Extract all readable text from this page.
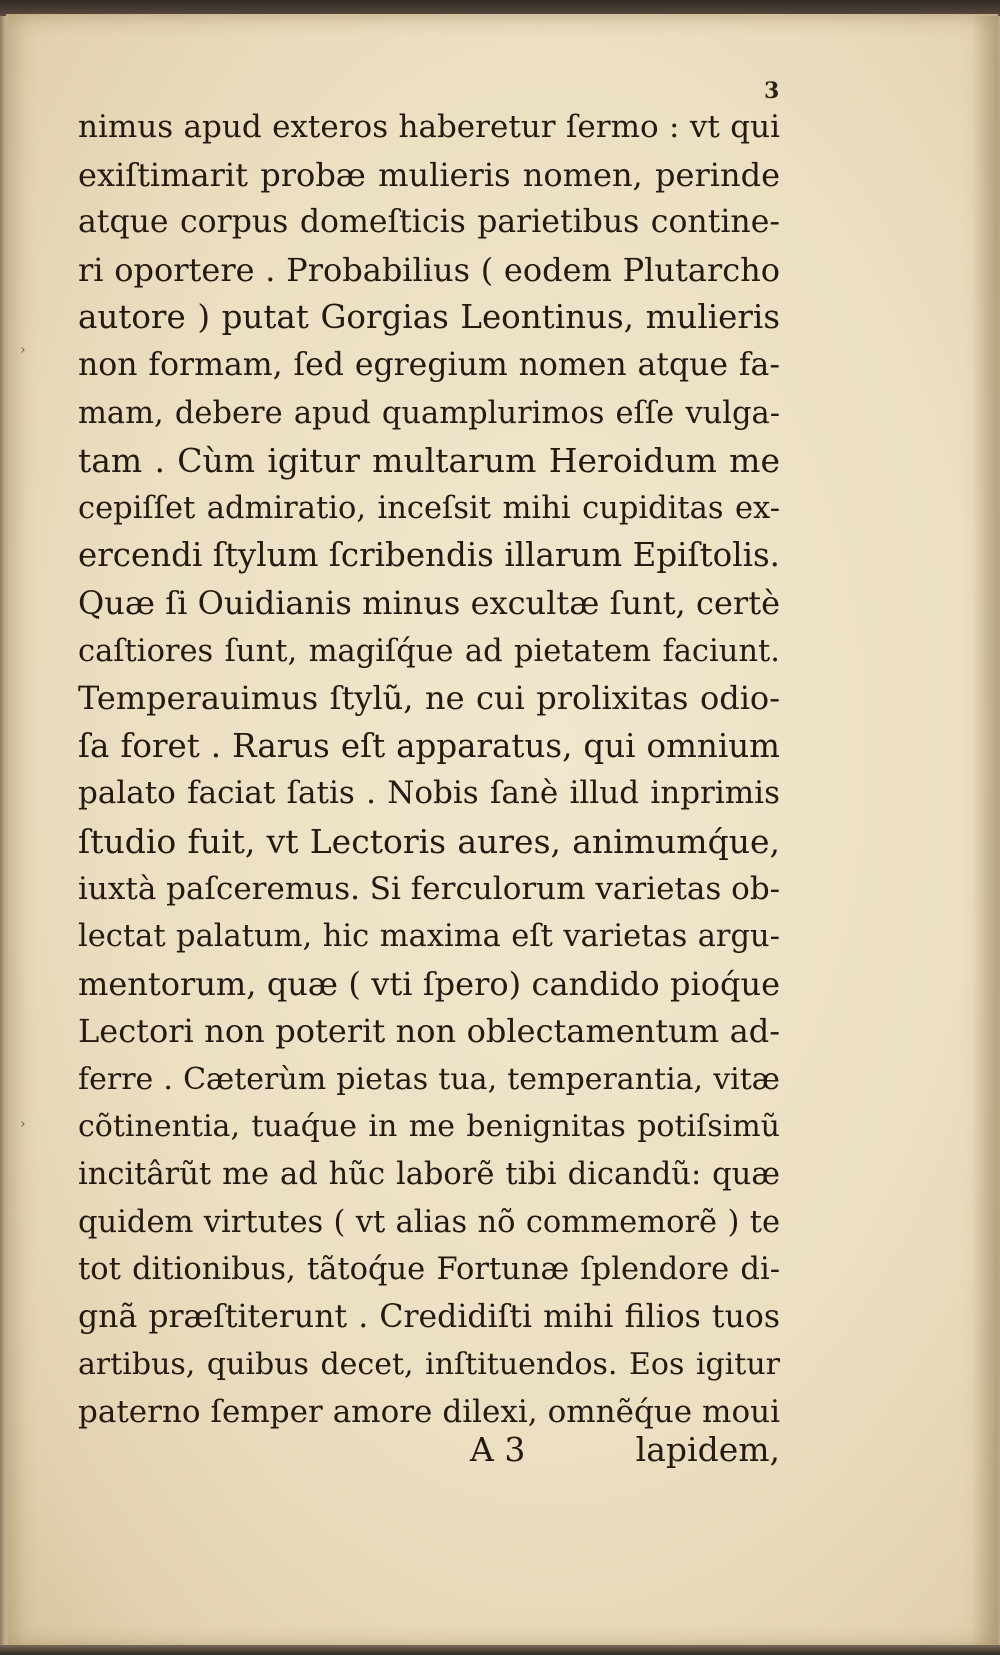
›
›
3
nimus apud exteros haberetur ſermo : vt qui
exiſtimarit probæ mulieris nomen, perinde
atque corpus domeſticis parietibus contine-
ri oportere . Probabilius ( eodem Plutarcho
autore ) putat Gorgias Leontinus, mulieris
non formam, ſed egregium nomen atque fa-
mam, debere apud quamplurimos eſſe vulga-
tam . Cùm igitur multarum Heroidum me
cepiſſet admiratio, inceſsit mihi cupiditas ex-
ercendi ſtylum ſcribendis illarum Epiſtolis.
Quæ ſi Ouidianis minus excultæ ſunt, certè
caſtiores ſunt, magiſq́ue ad pietatem faciunt.
Temperauimus ſtylũ, ne cui prolixitas odio-
ſa foret . Rarus eſt apparatus, qui omnium
palato faciat ſatis . Nobis ſanè illud inprimis
ſtudio fuit, vt Lectoris aures, animumq́ue,
iuxtà paſceremus. Si ferculorum varietas ob-
lectat palatum, hic maxima eſt varietas argu-
mentorum, quæ ( vti ſpero) candido pioq́ue
Lectori non poterit non oblectamentum ad-
ferre . Cæterùm pietas tua, temperantia, vitæ
cõtinentia, tuaq́ue in me benignitas potiſsimũ
incitârũt me ad hũc laborẽ tibi dicandũ: quæ
quidem virtutes ( vt alias nõ commemorẽ ) te
tot ditionibus, tãtoq́ue Fortunæ ſplendore di-
gnã præſtiterunt . Credidiſti mihi filios tuos
artibus, quibus decet, inſtituendos. Eos igitur
paterno ſemper amore dilexi, omnẽq́ue moui
A 3	lapidem,
